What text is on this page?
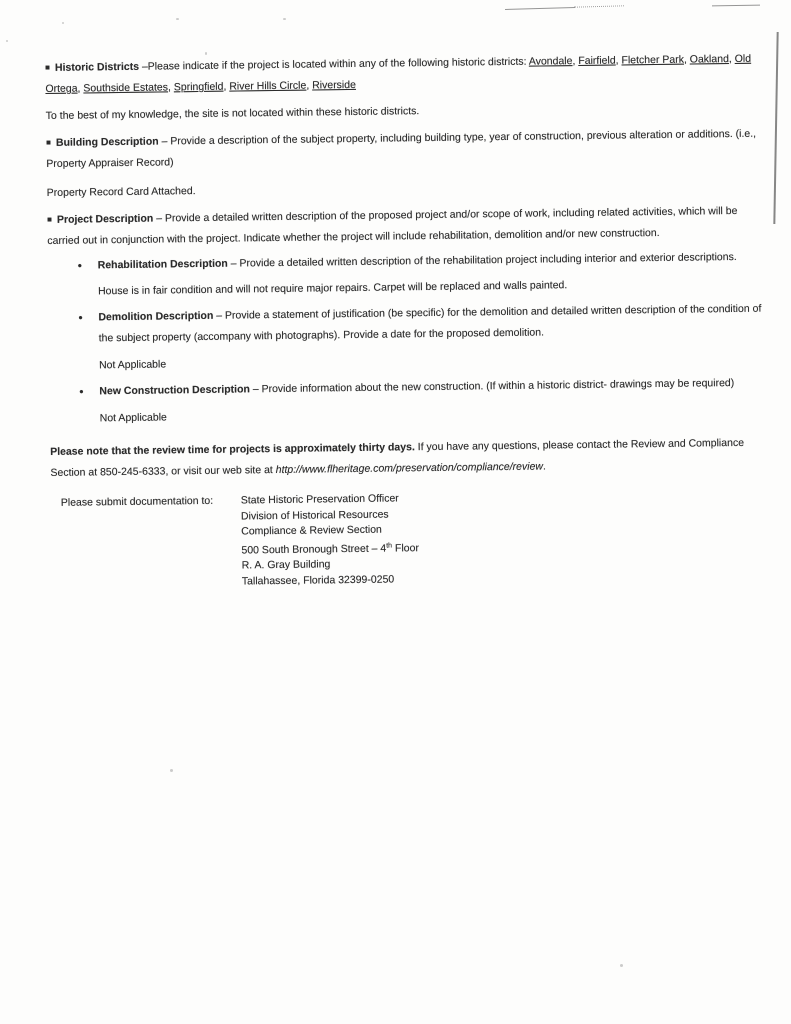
■ Historic Districts –Please indicate if the project is located within any of the following historic districts: Avondale, Fairfield, Fletcher Park, Oakland, Old Ortega, Southside Estates, Springfield, River Hills Circle, Riverside

To the best of my knowledge, the site is not located within these historic districts.

■ Building Description – Provide a description of the subject property, including building type, year of construction, previous alteration or additions. (i.e., Property Appraiser Record)

Property Record Card Attached.

■ Project Description – Provide a detailed written description of the proposed project and/or scope of work, including related activities, which will be carried out in conjunction with the project. Indicate whether the project will include rehabilitation, demolition and/or new construction.

•	Rehabilitation Description – Provide a detailed written description of the rehabilitation project including interior and exterior descriptions.

House is in fair condition and will not require major repairs. Carpet will be replaced and walls painted.

•	Demolition Description – Provide a statement of justification (be specific) for the demolition and detailed written description of the condition of the subject property (accompany with photographs). Provide a date for the proposed demolition.

Not Applicable

•	New Construction Description – Provide information about the new construction. (If within a historic district- drawings may be required)

Not Applicable

Please note that the review time for projects is approximately thirty days. If you have any questions, please contact the Review and Compliance Section at 850-245-6333, or visit our web site at http://www.flheritage.com/preservation/compliance/review.

Please submit documentation to:	State Historic Preservation Officer
Division of Historical Resources
Compliance & Review Section
500 South Bronough Street – 4th Floor
R. A. Gray Building
Tallahassee, Florida 32399-0250
